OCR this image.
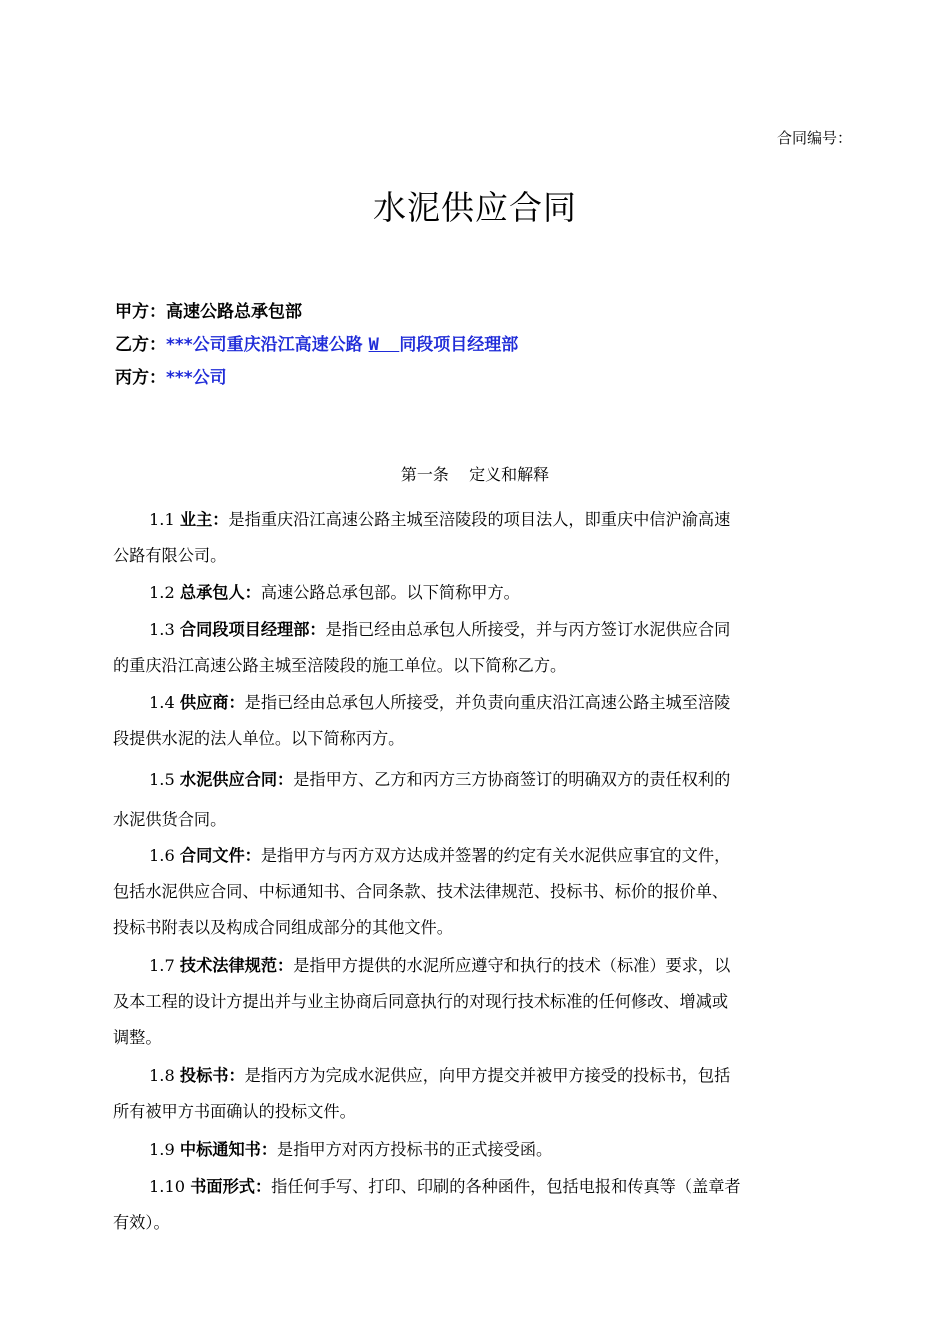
合同编号：
水泥供应合同
甲方：高速公路总承包部
乙方：***公司重庆沿江高速公路 W  同段项目经理部
丙方：***公司
第一条    定义和解释
1.1 业主：是指重庆沿江高速公路主城至涪陵段的项目法人，即重庆中信沪渝高速
公路有限公司。
1.2 总承包人：高速公路总承包部。以下简称甲方。
1.3 合同段项目经理部：是指已经由总承包人所接受，并与丙方签订水泥供应合同
的重庆沿江高速公路主城至涪陵段的施工单位。以下简称乙方。
1.4 供应商：是指已经由总承包人所接受，并负责向重庆沿江高速公路主城至涪陵
段提供水泥的法人单位。以下简称丙方。
1.5 水泥供应合同：是指甲方、乙方和丙方三方协商签订的明确双方的责任权利的
水泥供货合同。
1.6 合同文件：是指甲方与丙方双方达成并签署的约定有关水泥供应事宜的文件，
包括水泥供应合同、中标通知书、合同条款、技术法律规范、投标书、标价的报价单、
投标书附表以及构成合同组成部分的其他文件。
1.7 技术法律规范：是指甲方提供的水泥所应遵守和执行的技术（标准）要求，以
及本工程的设计方提出并与业主协商后同意执行的对现行技术标准的任何修改、增减或
调整。
1.8 投标书：是指丙方为完成水泥供应，向甲方提交并被甲方接受的投标书，包括
所有被甲方书面确认的投标文件。
1.9 中标通知书：是指甲方对丙方投标书的正式接受函。
1.10 书面形式：指任何手写、打印、印刷的各种函件，包括电报和传真等（盖章者
有效）。
